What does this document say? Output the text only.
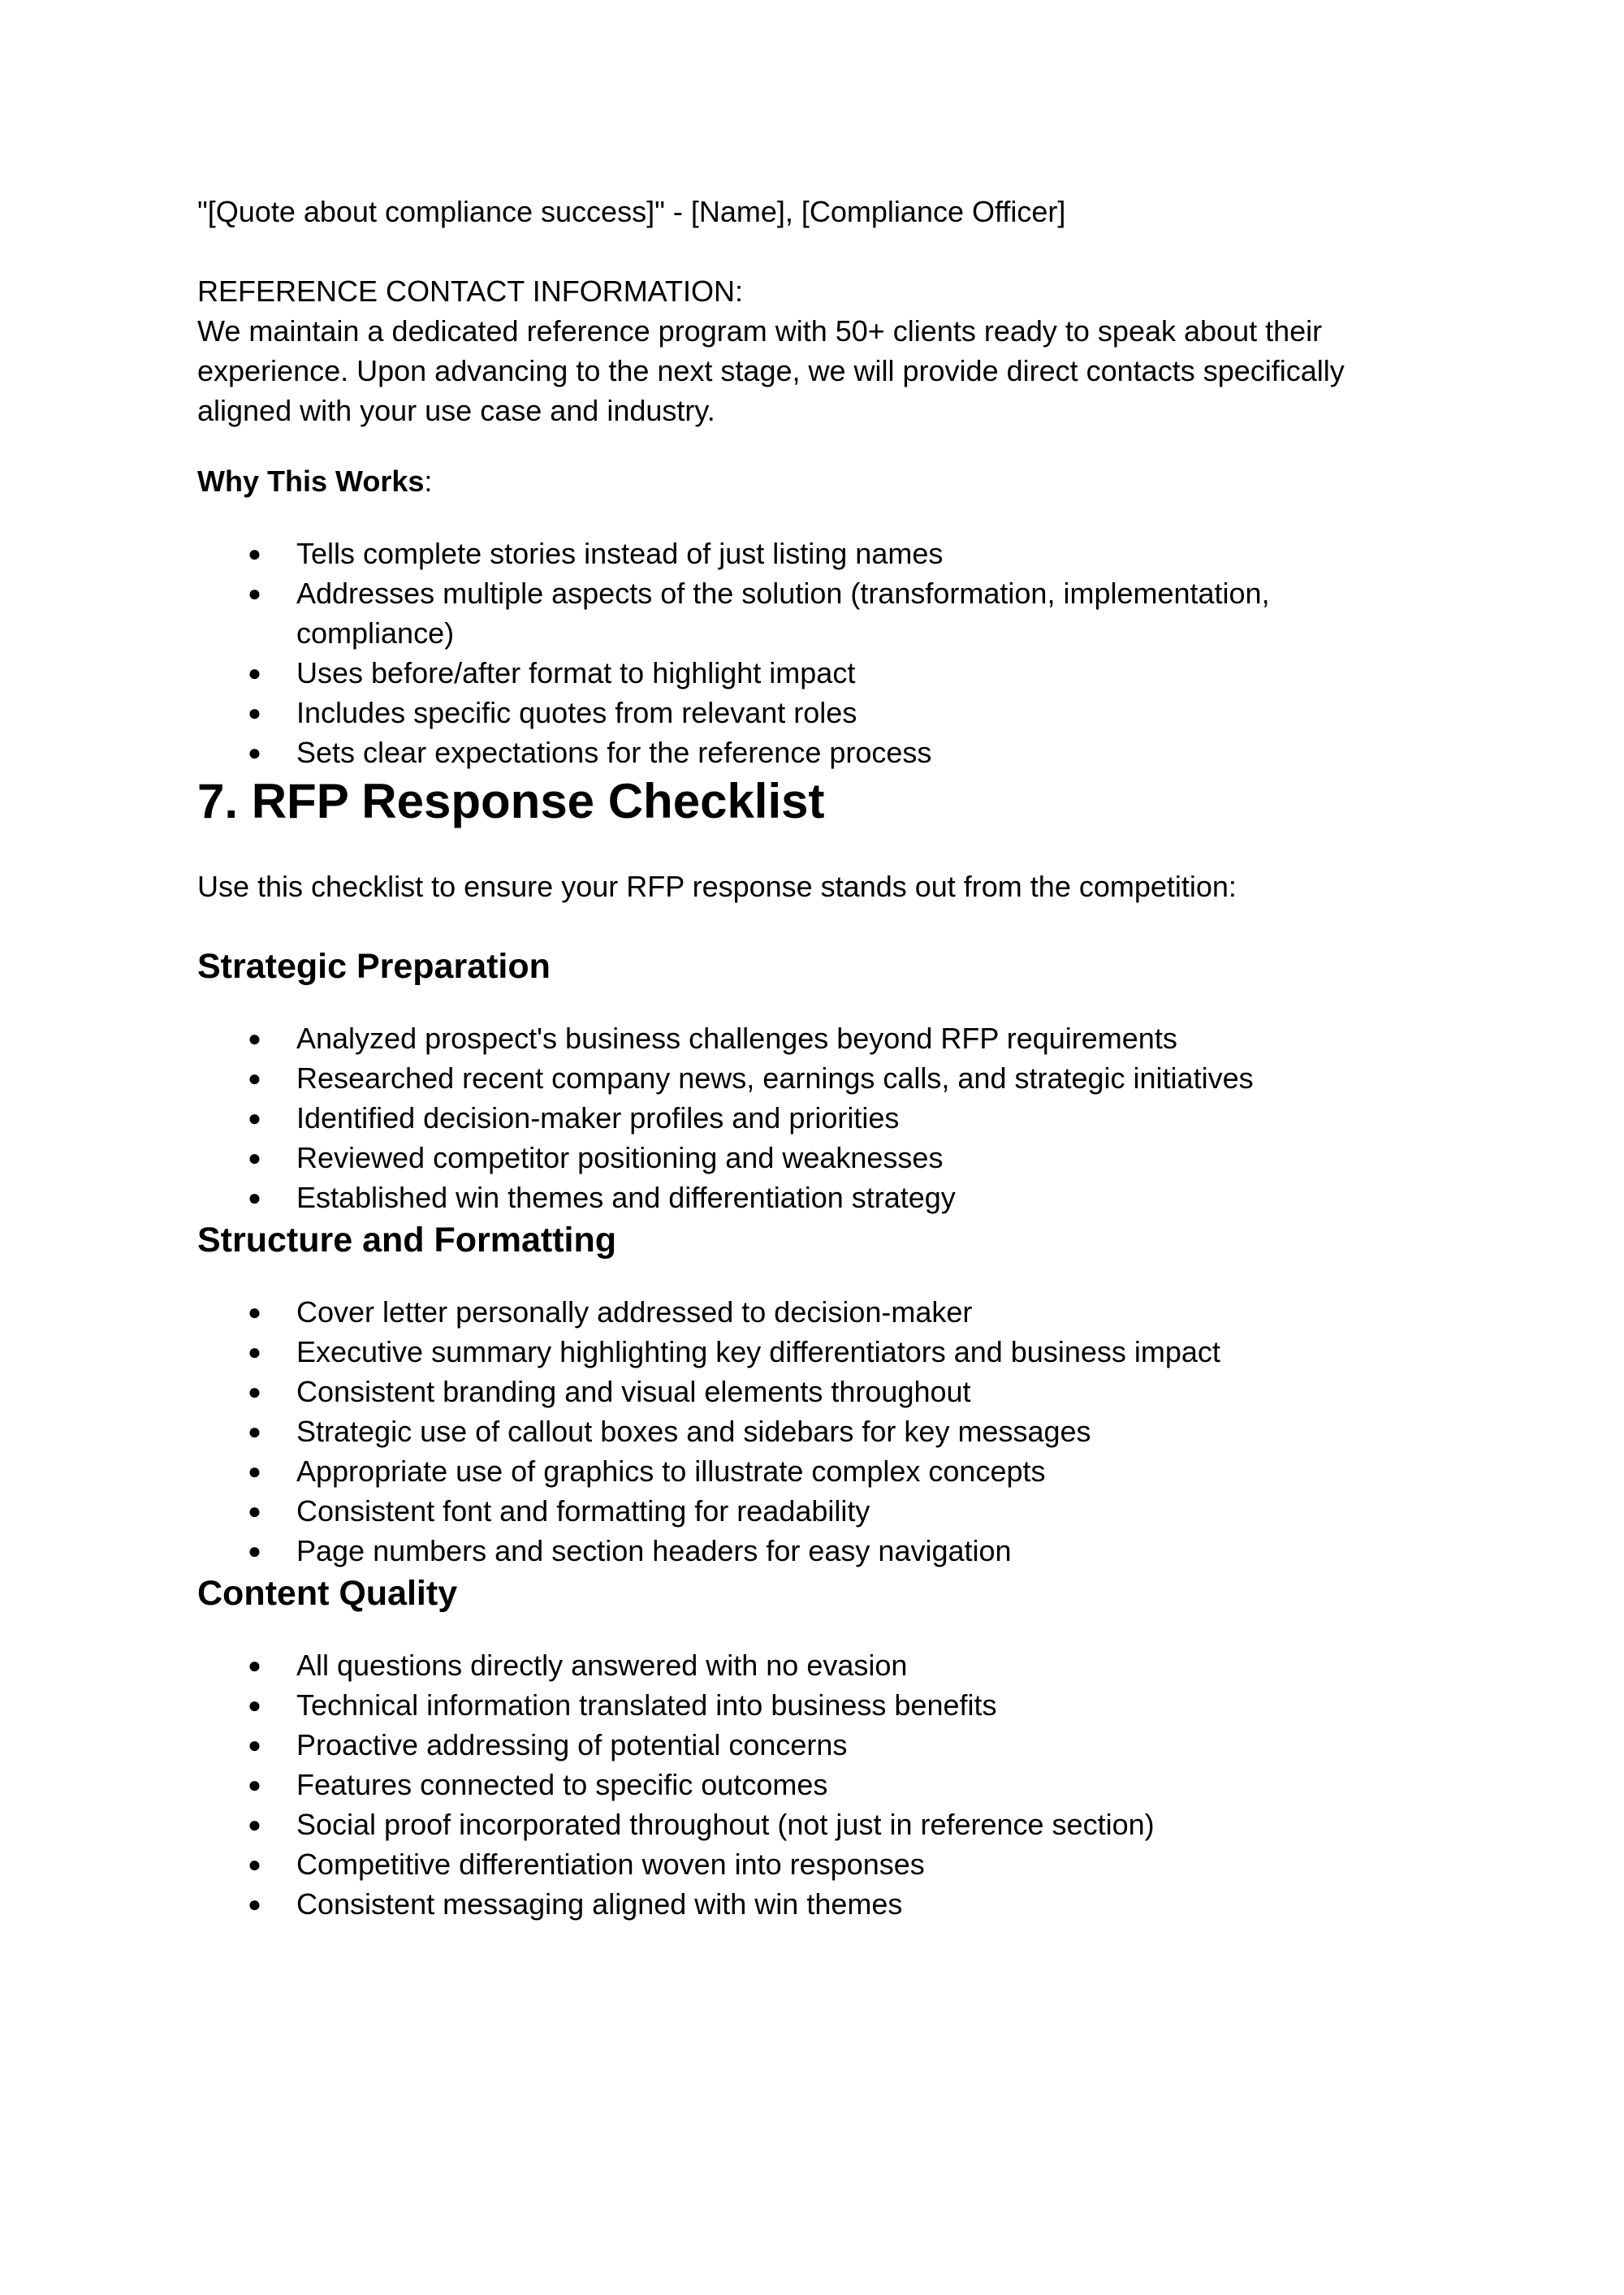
"[Quote about compliance success]" - [Name], [Compliance Officer]

REFERENCE CONTACT INFORMATION:

We maintain a dedicated reference program with 50+ clients ready to speak about their

experience. Upon advancing to the next stage, we will provide direct contacts specifically

aligned with your use case and industry.

Why This Works:

● Tells complete stories instead of just listing names
● Addresses multiple aspects of the solution (transformation, implementation,
compliance)
● Uses before/after format to highlight impact
● Includes specific quotes from relevant roles
● Sets clear expectations for the reference process
7. RFP Response Checklist

Use this checklist to ensure your RFP response stands out from the competition:

Strategic Preparation
● Analyzed prospect's business challenges beyond RFP requirements
● Researched recent company news, earnings calls, and strategic initiatives
● Identified decision-maker profiles and priorities
● Reviewed competitor positioning and weaknesses
● Established win themes and differentiation strategy
Structure and Formatting
● Cover letter personally addressed to decision-maker
● Executive summary highlighting key differentiators and business impact
● Consistent branding and visual elements throughout
● Strategic use of callout boxes and sidebars for key messages
● Appropriate use of graphics to illustrate complex concepts
● Consistent font and formatting for readability
● Page numbers and section headers for easy navigation
Content Quality
● All questions directly answered with no evasion
● Technical information translated into business benefits
● Proactive addressing of potential concerns
● Features connected to specific outcomes
● Social proof incorporated throughout (not just in reference section)
● Competitive differentiation woven into responses
● Consistent messaging aligned with win themes
